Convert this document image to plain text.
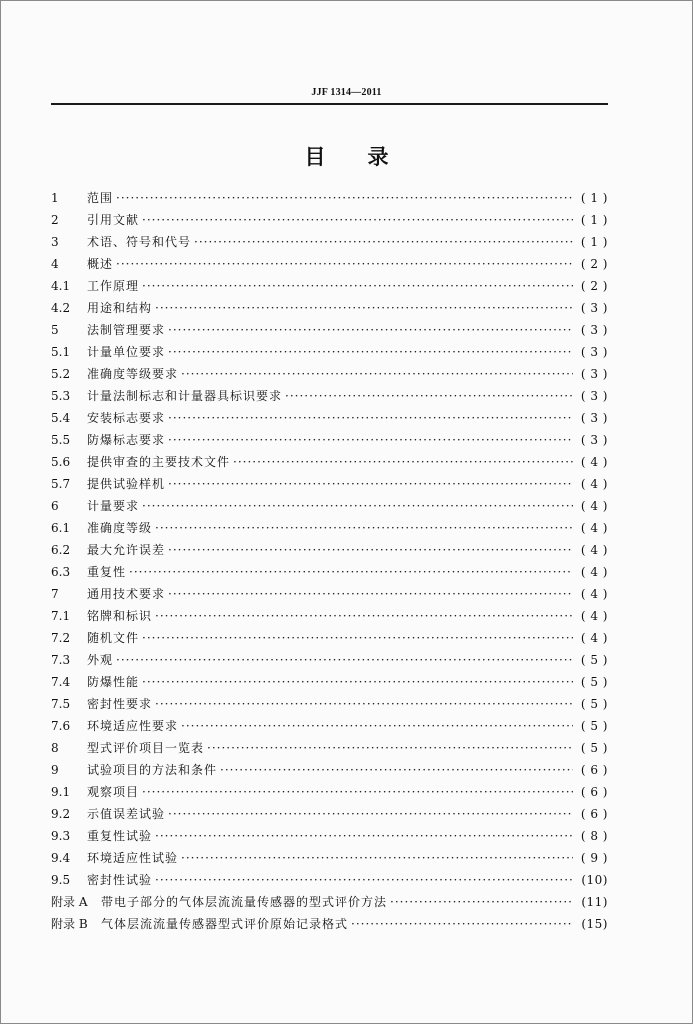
JJF 1314—2011
目 录
1	范围 ·····	( 1 )
2	引用文献 ·····	( 1 )
3	术语、符号和代号 ·····	( 1 )
4	概述 ·····	( 2 )
4.1	工作原理 ·····	( 2 )
4.2	用途和结构 ·····	( 3 )
5	法制管理要求 ·····	( 3 )
5.1	计量单位要求 ·····	( 3 )
5.2	准确度等级要求 ·····	( 3 )
5.3	计量法制标志和计量器具标识要求 ·····	( 3 )
5.4	安装标志要求 ·····	( 3 )
5.5	防爆标志要求 ·····	( 3 )
5.6	提供审查的主要技术文件 ·····	( 4 )
5.7	提供试验样机 ·····	( 4 )
6	计量要求 ·····	( 4 )
6.1	准确度等级 ·····	( 4 )
6.2	最大允许误差 ·····	( 4 )
6.3	重复性 ·····	( 4 )
7	通用技术要求 ·····	( 4 )
7.1	铭牌和标识 ·····	( 4 )
7.2	随机文件 ·····	( 4 )
7.3	外观 ·····	( 5 )
7.4	防爆性能 ·····	( 5 )
7.5	密封性要求 ·····	( 5 )
7.6	环境适应性要求 ·····	( 5 )
8	型式评价项目一览表 ·····	( 5 )
9	试验项目的方法和条件 ·····	( 6 )
9.1	观察项目 ·····	( 6 )
9.2	示值误差试验 ·····	( 6 )
9.3	重复性试验 ·····	( 8 )
9.4	环境适应性试验 ·····	( 9 )
9.5	密封性试验 ·····	(10)
附录 A	带电子部分的气体层流流量传感器的型式评价方法 ·····	(11)
附录 B	气体层流流量传感器型式评价原始记录格式 ·····	(15)
